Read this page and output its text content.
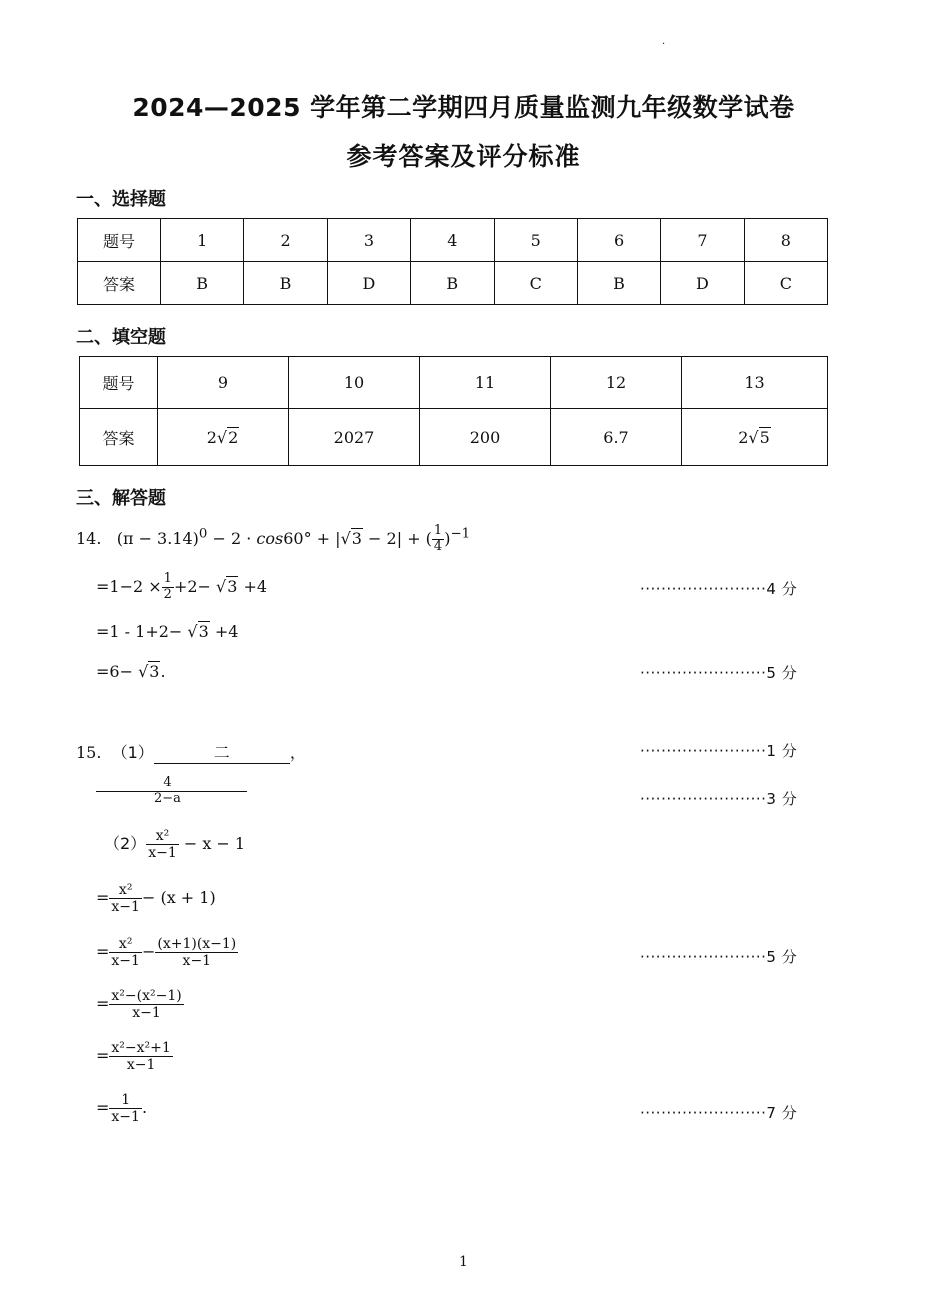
.
2024—2025 学年第二学期四月质量监测九年级数学试卷
参考答案及评分标准
一、选择题
题号	1	2	3	4	5	6	7	8
答案	B	B	D	B	C	B	D	C
二、填空题
题号	9	10	11	12	13
答案	2√2	2027	200	6.7	2√5
三、解答题
14. $(\pi - 3.14)^0 - 2 \cdot \cos 60^\circ + |√3 - 2|$ + ( $\frac{1}{4} )^{-1}$
$=1-2 \times \frac{1}{2} +2- √3 +4$	························4 分
=1 - 1+2− √3 +4
=6− √3.	························5 分
15. （1）	二	，	························1 分
$\frac{4}{2-a}$	························3 分
$(2) \frac{\text{x²}}{x-1} - x - 1$
= $\frac{\text{x²}}{x-1} - (x + 1)$
= $\frac{\text{x²}}{x-1} - \frac{(x+1)(x-1)}{x-1}$	························5 分
= $\frac{\text{x²−(x²−1)}}{x-1}$
= $\frac{\text{x²−x²+1}}{x-1}$
= $\frac{1}{x-1}$ .	························7 分
1
